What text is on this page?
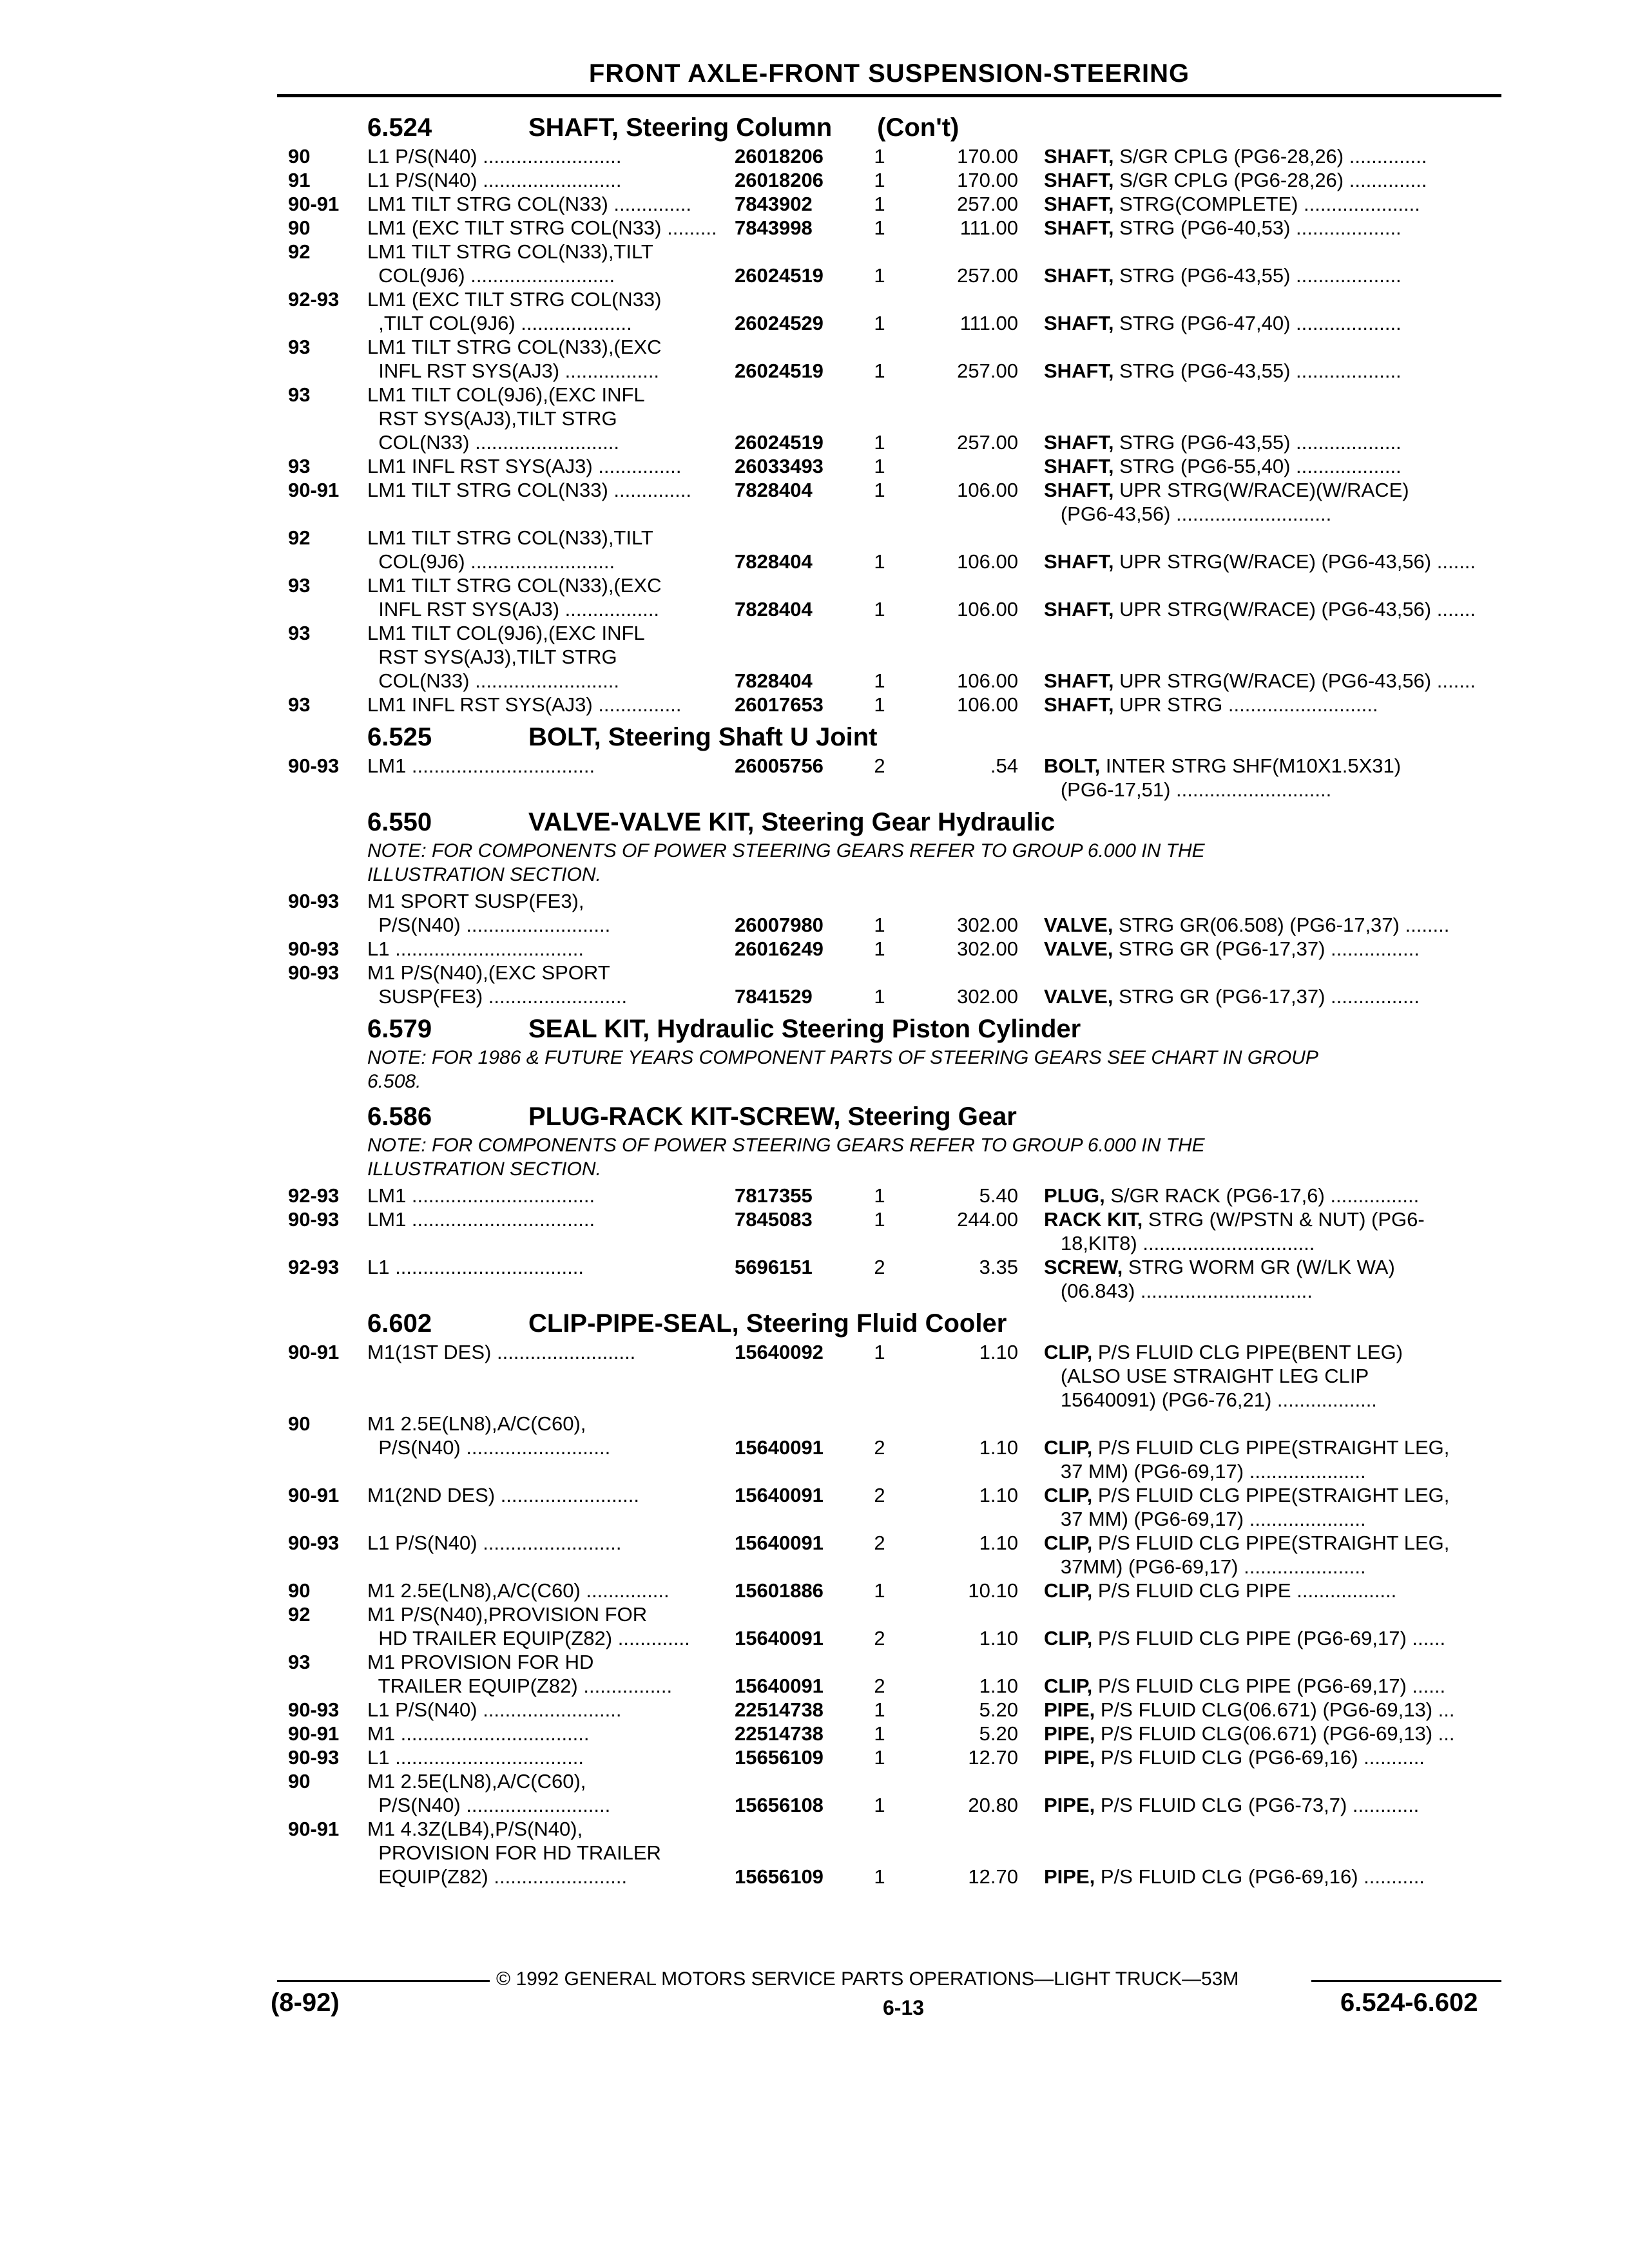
FRONT AXLE-FRONT SUSPENSION-STEERING
6.524	SHAFT, Steering Column (Con't)
90	L1 P/S(N40) .........................	26018206	1	170.00 SHAFT, S/GR CPLG (PG6-28,26) ..............
91	L1 P/S(N40) .........................	26018206	1	170.00 SHAFT, S/GR CPLG (PG6-28,26) ..............
90-91 LM1 TILT STRG COL(N33) ..............	7843902	1	257.00 SHAFT, STRG(COMPLETE) .....................
90	LM1 (EXC TILT STRG COL(N33) ......... 7843998	1	111.00 SHAFT, STRG (PG6-40,53) ...................
92	LM1 TILT STRG COL(N33),TILT
COL(9J6) ..........................	26024519	1	257.00 SHAFT, STRG (PG6-43,55) ...................
92-93 LM1 (EXC TILT STRG COL(N33)
,TILT COL(9J6) ....................	26024529	1	111.00 SHAFT, STRG (PG6-47,40) ...................
93	LM1 TILT STRG COL(N33),(EXC
INFL RST SYS(AJ3) .................	26024519	1	257.00 SHAFT, STRG (PG6-43,55) ...................
93	LM1 TILT COL(9J6),(EXC INFL
RST SYS(AJ3),TILT STRG
COL(N33) ..........................	26024519	1	257.00 SHAFT, STRG (PG6-43,55) ...................
93	LM1 INFL RST SYS(AJ3) ...............	26033493	1	SHAFT, STRG (PG6-55,40) ...................
90-91 LM1 TILT STRG COL(N33) ..............	7828404	1	106.00 SHAFT, UPR STRG(W/RACE)(W/RACE)
(PG6-43,56) ............................
92	LM1 TILT STRG COL(N33),TILT
COL(9J6) ..........................	7828404	1	106.00 SHAFT, UPR STRG(W/RACE) (PG6-43,56) .......
93	LM1 TILT STRG COL(N33),(EXC
INFL RST SYS(AJ3) .................	7828404	1	106.00 SHAFT, UPR STRG(W/RACE) (PG6-43,56) .......
93	LM1 TILT COL(9J6),(EXC INFL
RST SYS(AJ3),TILT STRG
COL(N33) ..........................	7828404	1	106.00 SHAFT, UPR STRG(W/RACE) (PG6-43,56) .......
93	LM1 INFL RST SYS(AJ3) ...............	26017653	1	106.00 SHAFT, UPR STRG ...........................
6.525	BOLT, Steering Shaft U Joint
90-93 LM1 .................................	26005756	2	.54 BOLT, INTER STRG SHF(M10X1.5X31)
(PG6-17,51) ............................
6.550	VALVE-VALVE KIT, Steering Gear Hydraulic
NOTE: FOR COMPONENTS OF POWER STEERING GEARS REFER TO GROUP 6.000 IN THE
ILLUSTRATION SECTION.
90-93 M1 SPORT SUSP(FE3),
P/S(N40) ..........................	26007980	1	302.00 VALVE, STRG GR(06.508) (PG6-17,37) ........
90-93 L1 ..................................	26016249	1	302.00 VALVE, STRG GR (PG6-17,37) ................
90-93 M1 P/S(N40),(EXC SPORT
SUSP(FE3) .........................	7841529	1	302.00 VALVE, STRG GR (PG6-17,37) ................
6.579	SEAL KIT, Hydraulic Steering Piston Cylinder
NOTE: FOR 1986 & FUTURE YEARS COMPONENT PARTS OF STEERING GEARS SEE CHART IN GROUP
6.508.
6.586	PLUG-RACK KIT-SCREW, Steering Gear
NOTE: FOR COMPONENTS OF POWER STEERING GEARS REFER TO GROUP 6.000 IN THE
ILLUSTRATION SECTION.
92-93 LM1 .................................	7817355	1	5.40 PLUG, S/GR RACK (PG6-17,6) ................
90-93 LM1 .................................	7845083	1	244.00 RACK KIT, STRG (W/PSTN & NUT) (PG6-
18,KIT8) ...............................
92-93 L1 ..................................	5696151	2	3.35 SCREW, STRG WORM GR (W/LK WA)
(06.843) ...............................
6.602	CLIP-PIPE-SEAL, Steering Fluid Cooler
90-91 M1(1ST DES) .........................	15640092	1	1.10 CLIP, P/S FLUID CLG PIPE(BENT LEG)
(ALSO USE STRAIGHT LEG CLIP
15640091) (PG6-76,21) ..................
90	M1 2.5E(LN8),A/C(C60),
P/S(N40) ..........................	15640091	2	1.10 CLIP, P/S FLUID CLG PIPE(STRAIGHT LEG,
37 MM) (PG6-69,17) .....................
90-91 M1(2ND DES) .........................	15640091	2	1.10 CLIP, P/S FLUID CLG PIPE(STRAIGHT LEG,
37 MM) (PG6-69,17) .....................
90-93 L1 P/S(N40) .........................	15640091	2	1.10 CLIP, P/S FLUID CLG PIPE(STRAIGHT LEG,
37MM) (PG6-69,17) ......................
90	M1 2.5E(LN8),A/C(C60) ...............	15601886	1	10.10 CLIP, P/S FLUID CLG PIPE ..................
92	M1 P/S(N40),PROVISION FOR
HD TRAILER EQUIP(Z82) .............	15640091	2	1.10 CLIP, P/S FLUID CLG PIPE (PG6-69,17) ......
93	M1 PROVISION FOR HD
TRAILER EQUIP(Z82) ................	15640091	2	1.10 CLIP, P/S FLUID CLG PIPE (PG6-69,17) ......
90-93 L1 P/S(N40) .........................	22514738	1	5.20 PIPE, P/S FLUID CLG(06.671) (PG6-69,13) ...
90-91 M1 ..................................	22514738	1	5.20 PIPE, P/S FLUID CLG(06.671) (PG6-69,13) ...
90-93 L1 ..................................	15656109	1	12.70 PIPE, P/S FLUID CLG (PG6-69,16) ...........
90	M1 2.5E(LN8),A/C(C60),
P/S(N40) ..........................	15656108	1	20.80 PIPE, P/S FLUID CLG (PG6-73,7) ............
90-91 M1 4.3Z(LB4),P/S(N40),
PROVISION FOR HD TRAILER
EQUIP(Z82) ........................	15656109	1	12.70 PIPE, P/S FLUID CLG (PG6-69,16) ...........
© 1992 GENERAL MOTORS SERVICE PARTS OPERATIONS—LIGHT TRUCK—53M
(8-92)	6-13	6.524-6.602
